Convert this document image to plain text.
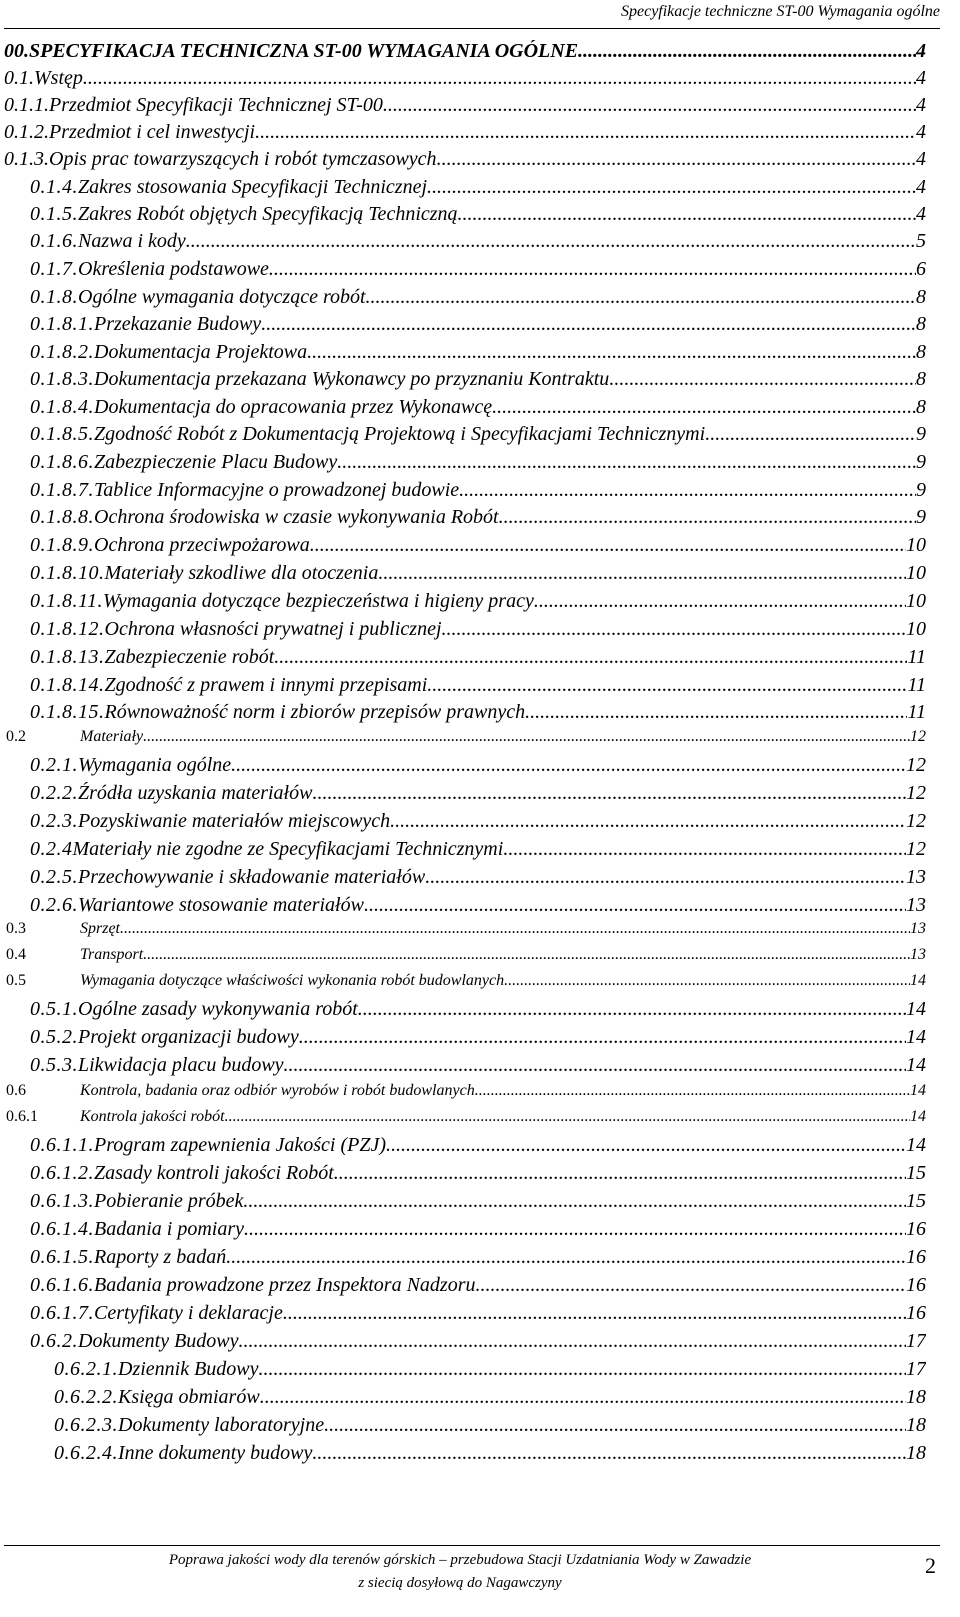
Specyfikacje techniczne ST-00 Wymagania ogólne
00. SPECYFIKACJA TECHNICZNA ST-00 WYMAGANIA OGÓLNE .....	4
0.1. Wstęp .....	4
0.1.1. Przedmiot Specyfikacji Technicznej ST-00 .....	4
0.1.2. Przedmiot i cel inwestycji .....	4
0.1.3. Opis prac towarzyszących i robót tymczasowych .....	4
0.1.4. Zakres stosowania Specyfikacji Technicznej .....	4
0.1.5. Zakres Robót objętych Specyfikacją Techniczną .....	4
0.1.6. Nazwa i kody .....	5
0.1.7. Określenia podstawowe .....	6
0.1.8. Ogólne wymagania dotyczące robót .....	8
0.1.8.1. Przekazanie Budowy .....	8
0.1.8.2. Dokumentacja Projektowa .....	8
0.1.8.3. Dokumentacja przekazana Wykonawcy po przyznaniu Kontraktu .....	8
0.1.8.4. Dokumentacja do opracowania przez Wykonawcę .....	8
0.1.8.5. Zgodność Robót z Dokumentacją Projektową i Specyfikacjami Technicznymi .....	9
0.1.8.6. Zabezpieczenie Placu Budowy .....	9
0.1.8.7. Tablice Informacyjne o prowadzonej budowie .....	9
0.1.8.8. Ochrona środowiska w czasie wykonywania Robót .....	9
0.1.8.9. Ochrona przeciwpożarowa .....	10
0.1.8.10. Materiały szkodliwe dla otoczenia .....	10
0.1.8.11. Wymagania dotyczące bezpieczeństwa i higieny pracy .....	10
0.1.8.12. Ochrona własności prywatnej i publicznej .....	10
0.1.8.13. Zabezpieczenie robót .....	11
0.1.8.14. Zgodność z prawem i innymi przepisami .....	11
0.1.8.15. Równoważność norm i zbiorów przepisów prawnych .....	11
0.2	Materiały .....	12
0.2.1. Wymagania ogólne .....	12
0.2.2. Źródła uzyskania materiałów .....	12
0.2.3. Pozyskiwanie materiałów miejscowych .....	12
0.2.4 Materiały nie zgodne ze Specyfikacjami Technicznymi .....	12
0.2.5. Przechowywanie i składowanie materiałów .....	13
0.2.6. Wariantowe stosowanie materiałów .....	13
0.3	Sprzęt .....	13
0.4	Transport .....	13
0.5	Wymagania dotyczące właściwości wykonania robót budowlanych .....	14
0.5.1. Ogólne zasady wykonywania robót .....	14
0.5.2. Projekt organizacji budowy .....	14
0.5.3. Likwidacja placu budowy .....	14
0.6	Kontrola, badania oraz odbiór wyrobów i robót budowlanych .....	14
0.6.1	Kontrola jakości robót .....	14
0.6.1.1. Program zapewnienia Jakości (PZJ) .....	14
0.6.1.2. Zasady kontroli jakości Robót .....	15
0.6.1.3. Pobieranie próbek .....	15
0.6.1.4. Badania i pomiary .....	16
0.6.1.5. Raporty z badań .....	16
0.6.1.6. Badania prowadzone przez Inspektora Nadzoru .....	16
0.6.1.7. Certyfikaty i deklaracje .....	16
0.6.2. Dokumenty Budowy .....	17
0.6.2.1. Dziennik Budowy .....	17
0.6.2.2. Księga obmiarów .....	18
0.6.2.3. Dokumenty laboratoryjne .....	18
0.6.2.4. Inne dokumenty budowy .....	18
Poprawa jakości wody dla terenów górskich – przebudowa Stacji Uzdatniania Wody w Zawadzie
z siecią dosyłową do Nagawczyny
2
